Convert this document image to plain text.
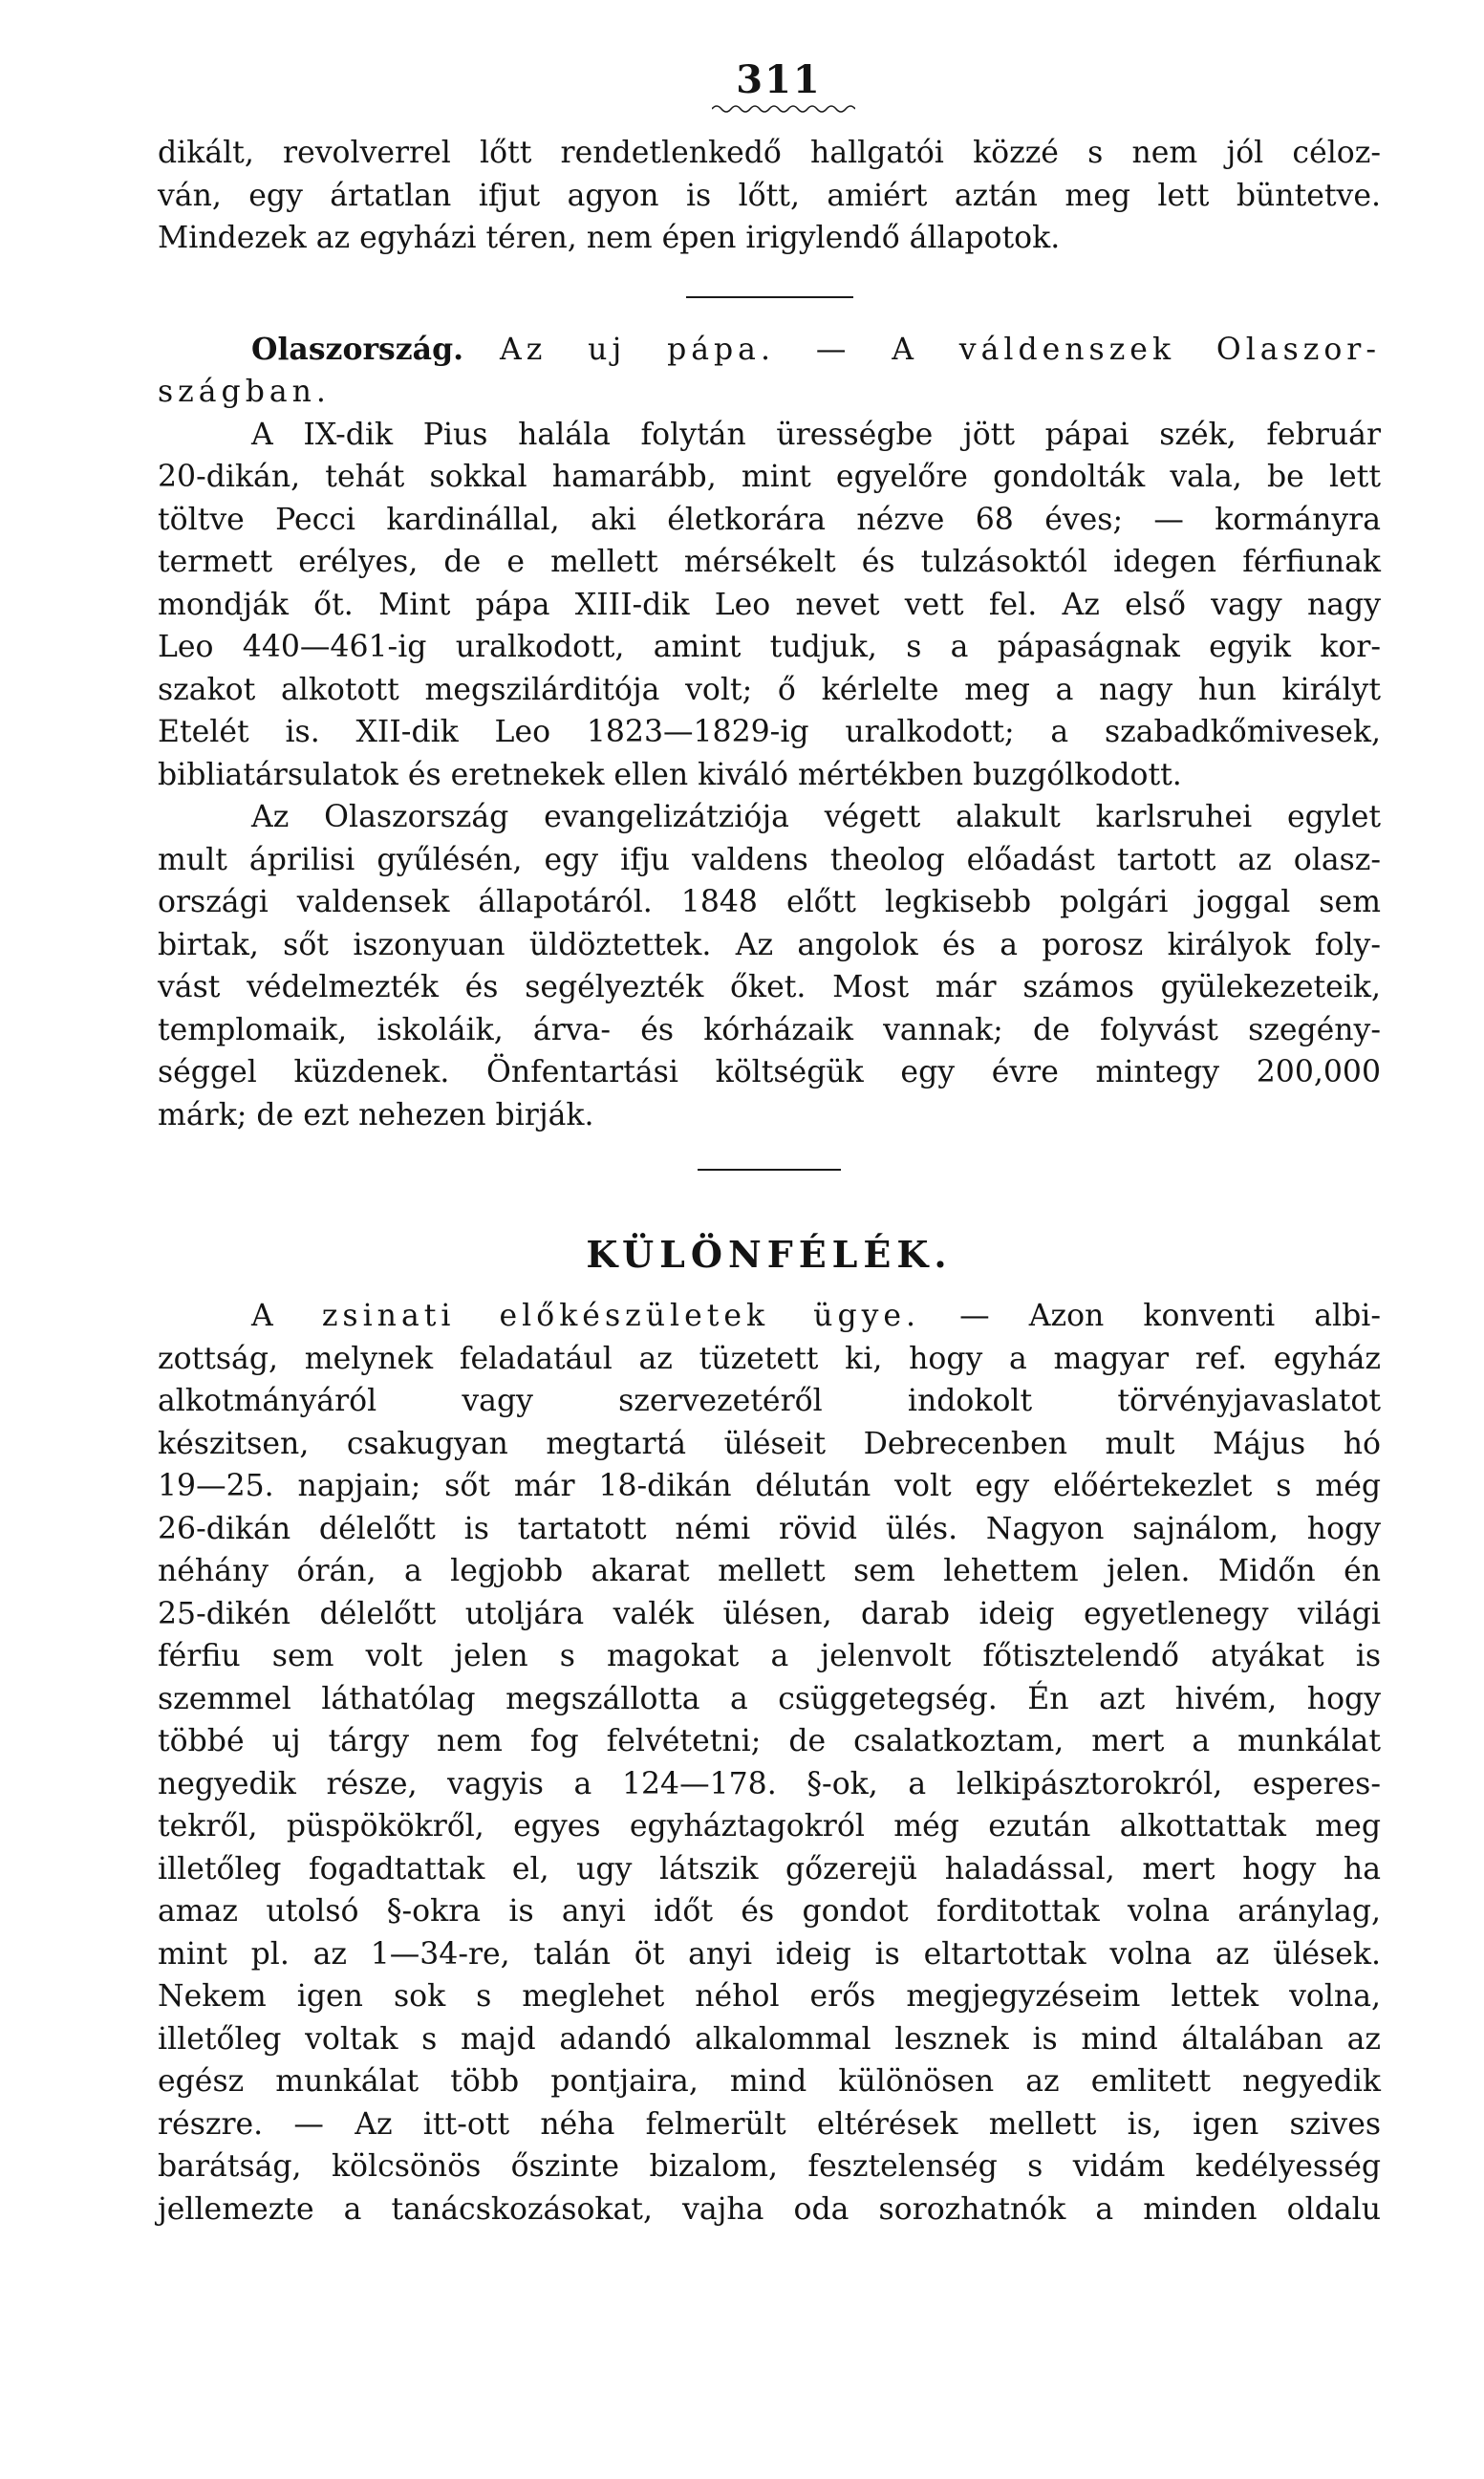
311
dikált, revolverrel lőtt rendetlenkedő hallgatói közzé s nem jól céloz-
ván, egy ártatlan ifjut agyon is lőtt, amiért aztán meg lett büntetve.
Mindezek az egyházi téren, nem épen irigylendő állapotok.
Olaszország. Az uj pápa. — A váldenszek Olaszor-
szágban.
A IX-dik Pius halála folytán ürességbe jött pápai szék, február
20-dikán, tehát sokkal hamarább, mint egyelőre gondolták vala, be lett
töltve Pecci kardinállal, aki életkorára nézve 68 éves; — kormányra
termett erélyes, de e mellett mérsékelt és tulzásoktól idegen férfiunak
mondják őt. Mint pápa XIII-dik Leo nevet vett fel. Az első vagy nagy
Leo 440—461-ig uralkodott, amint tudjuk, s a pápaságnak egyik kor-
szakot alkotott megszilárditója volt; ő kérlelte meg a nagy hun királyt
Etelét is. XII-dik Leo 1823—1829-ig uralkodott; a szabadkőmivesek,
bibliatársulatok és eretnekek ellen kiváló mértékben buzgólkodott.
Az Olaszország evangelizátziója végett alakult karlsruhei egylet
mult áprilisi gyűlésén, egy ifju valdens theolog előadást tartott az olasz-
országi valdensek állapotáról. 1848 előtt legkisebb polgári joggal sem
birtak, sőt iszonyuan üldöztettek. Az angolok és a porosz királyok foly-
vást védelmezték és segélyezték őket. Most már számos gyülekezeteik,
templomaik, iskoláik, árva- és kórházaik vannak; de folyvást szegény-
séggel küzdenek. Önfentartási költségük egy évre mintegy 200,000
márk; de ezt nehezen birják.
KÜLÖNFÉLÉK.
A zsinati előkészületek ügye. — Azon konventi albi-
zottság, melynek feladatául az tüzetett ki, hogy a magyar ref. egyház
alkotmányáról vagy szervezetéről indokolt törvényjavaslatot
készitsen, csakugyan megtartá üléseit Debrecenben mult Május hó
19—25. napjain; sőt már 18-dikán délután volt egy előértekezlet s még
26-dikán délelőtt is tartatott némi rövid ülés. Nagyon sajnálom, hogy
néhány órán, a legjobb akarat mellett sem lehettem jelen. Midőn én
25-dikén délelőtt utoljára valék ülésen, darab ideig egyetlenegy világi
férfiu sem volt jelen s magokat a jelenvolt főtisztelendő atyákat is
szemmel láthatólag megszállotta a csüggetegség. Én azt hivém, hogy
többé uj tárgy nem fog felvétetni; de csalatkoztam, mert a munkálat
negyedik része, vagyis a 124—178. §-ok, a lelkipásztorokról, esperes-
tekről, püspökökről, egyes egyháztagokról még ezután alkottattak meg
illetőleg fogadtattak el, ugy látszik gőzerejü haladással, mert hogy ha
amaz utolsó §-okra is anyi időt és gondot forditottak volna aránylag,
mint pl. az 1—34-re, talán öt anyi ideig is eltartottak volna az ülések.
Nekem igen sok s meglehet néhol erős megjegyzéseim lettek volna,
illetőleg voltak s majd adandó alkalommal lesznek is mind általában az
egész munkálat több pontjaira, mind különösen az emlitett negyedik
részre. — Az itt-ott néha felmerült eltérések mellett is, igen szives
barátság, kölcsönös őszinte bizalom, fesztelenség s vidám kedélyesség
jellemezte a tanácskozásokat, vajha oda sorozhatnók a minden oldalu
